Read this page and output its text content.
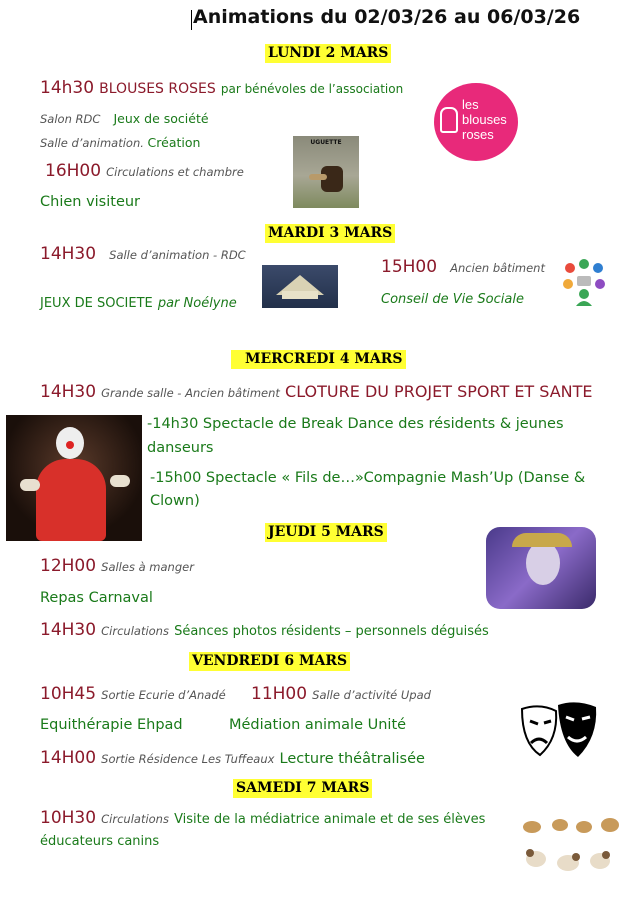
Animations du 02/03/26 au 06/03/26
LUNDI 2 MARS
14h30 BLOUSES ROSES par bénévoles de l’association
Salon RDC Jeux de société
Salle d’animation. Création
les
blouses
roses
16H00 Circulations et chambre
Chien visiteur
UGUETTE
MARDI 3 MARS
14H30 Salle d’animation - RDC
JEUX DE SOCIETE par Noélyne
15H00 Ancien bâtiment
Conseil de Vie Sociale
MERCREDI 4 MARS
14H30 Grande salle - Ancien bâtiment CLOTURE DU PROJET SPORT ET SANTE
-14h30 Spectacle de Break Dance des résidents & jeunes
danseurs
-15h00 Spectacle « Fils de…»Compagnie Mash’Up (Danse &
Clown)
JEUDI 5 MARS
12H00 Salles à manger
Repas Carnaval
14H30 Circulations Séances photos résidents – personnels déguisés
VENDREDI 6 MARS
10H45 Sortie Ecurie d’Anadé 11H00 Salle d’activité Upad
Equithérapie Ehpad	Médiation animale Unité
14H00 Sortie Résidence Les Tuffeaux Lecture théâtralisée
SAMEDI 7 MARS
10H30 Circulations Visite de la médiatrice animale et de ses élèves
éducateurs canins
